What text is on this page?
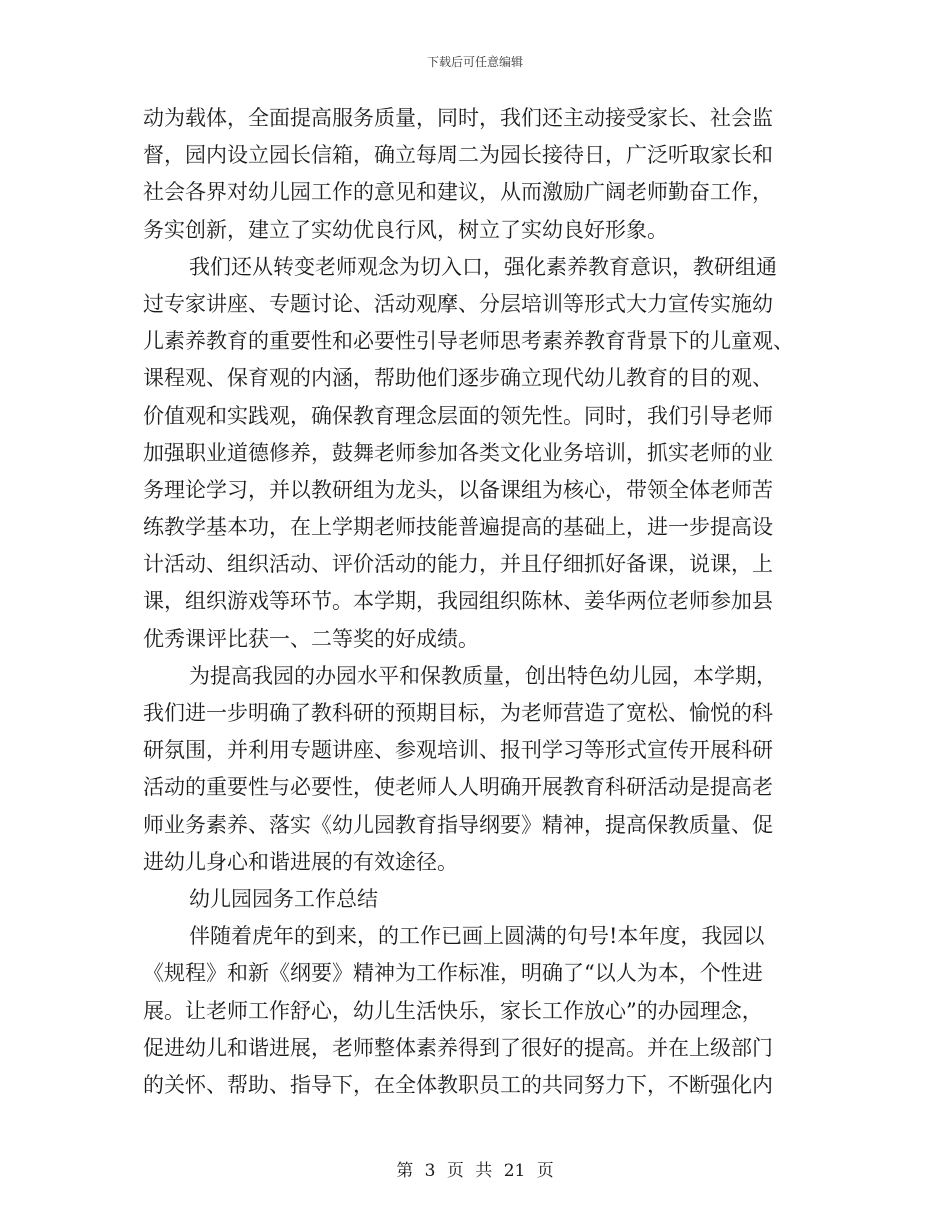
下载后可任意编辑
动为载体，全面提高服务质量，同时，我们还主动接受家长、社会监
督，园内设立园长信箱，确立每周二为园长接待日，广泛听取家长和
社会各界对幼儿园工作的意见和建议，从而激励广阔老师勤奋工作，
务实创新，建立了实幼优良行风，树立了实幼良好形象。
我们还从转变老师观念为切入口，强化素养教育意识，教研组通
过专家讲座、专题讨论、活动观摩、分层培训等形式大力宣传实施幼
儿素养教育的重要性和必要性引导老师思考素养教育背景下的儿童观、
课程观、保育观的内涵，帮助他们逐步确立现代幼儿教育的目的观、
价值观和实践观，确保教育理念层面的领先性。同时，我们引导老师
加强职业道德修养，鼓舞老师参加各类文化业务培训，抓实老师的业
务理论学习，并以教研组为龙头，以备课组为核心，带领全体老师苦
练教学基本功，在上学期老师技能普遍提高的基础上，进一步提高设
计活动、组织活动、评价活动的能力，并且仔细抓好备课，说课，上
课，组织游戏等环节。本学期，我园组织陈林、姜华两位老师参加县
优秀课评比获一、二等奖的好成绩。
为提高我园的办园水平和保教质量，创出特色幼儿园，本学期，
我们进一步明确了教科研的预期目标，为老师营造了宽松、愉悦的科
研氛围，并利用专题讲座、参观培训、报刊学习等形式宣传开展科研
活动的重要性与必要性，使老师人人明确开展教育科研活动是提高老
师业务素养、落实《幼儿园教育指导纲要》精神，提高保教质量、促
进幼儿身心和谐进展的有效途径。
幼儿园园务工作总结
伴随着虎年的到来，的工作已画上圆满的句号!本年度，我园以
《规程》和新《纲要》精神为工作标准，明确了“以人为本，个性进
展。让老师工作舒心，幼儿生活快乐，家长工作放心”的办园理念，
促进幼儿和谐进展，老师整体素养得到了很好的提高。并在上级部门
的关怀、帮助、指导下，在全体教职员工的共同努力下，不断强化内
第 3 页 共 21 页
